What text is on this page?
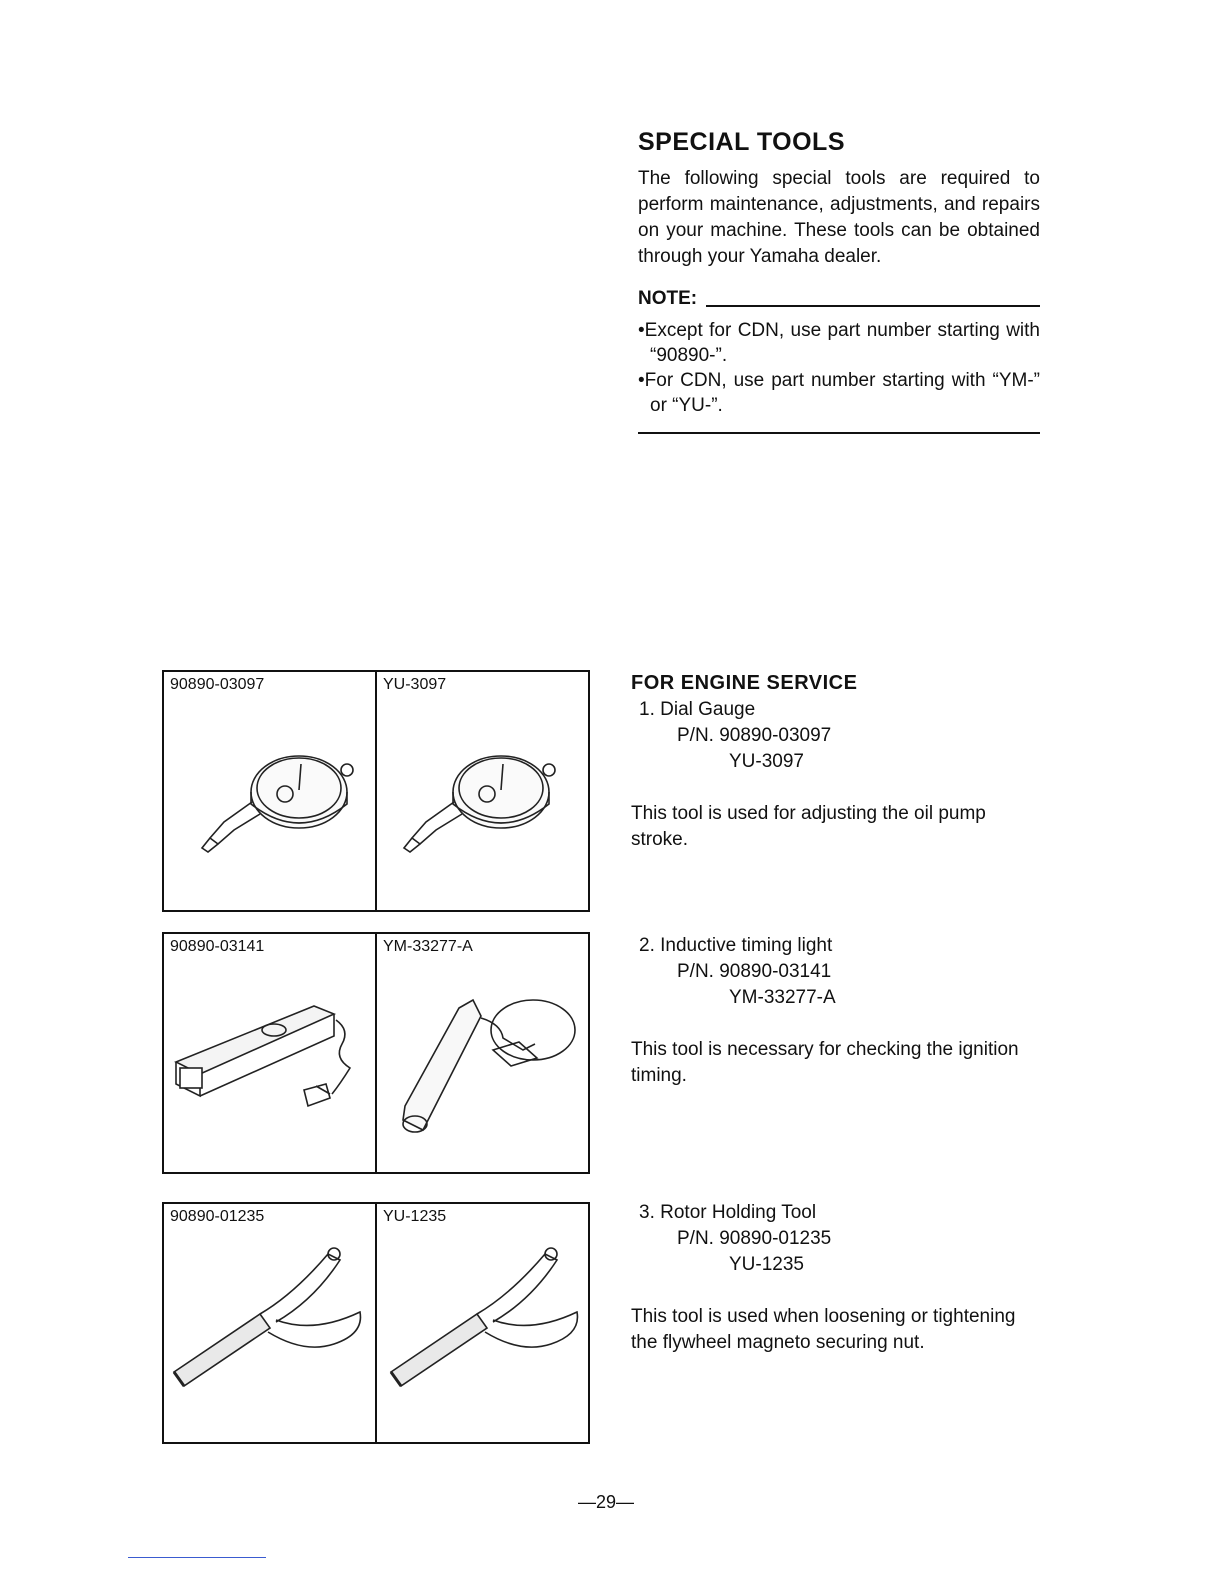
SPECIAL TOOLS
The following special tools are required to perform maintenance, adjustments, and repairs on your machine. These tools can be obtained through your Yamaha dealer.
NOTE:
•Except for CDN, use part number starting with “90890-”.
•For CDN, use part number starting with “YM-” or “YU-”.
90890-03097	YU-3097
90890-03141	YM-33277-A
90890-01235	YU-1235
FOR ENGINE SERVICE
1. Dial Gauge
P/N. 90890-03097
YU-3097
This tool is used for adjusting the oil pump stroke.
2. Inductive timing light
P/N. 90890-03141
YM-33277-A
This tool is necessary for checking the ignition timing.
3. Rotor Holding Tool
P/N. 90890-01235
YU-1235
This tool is used when loosening or tightening the flywheel magneto securing nut.
—29—
